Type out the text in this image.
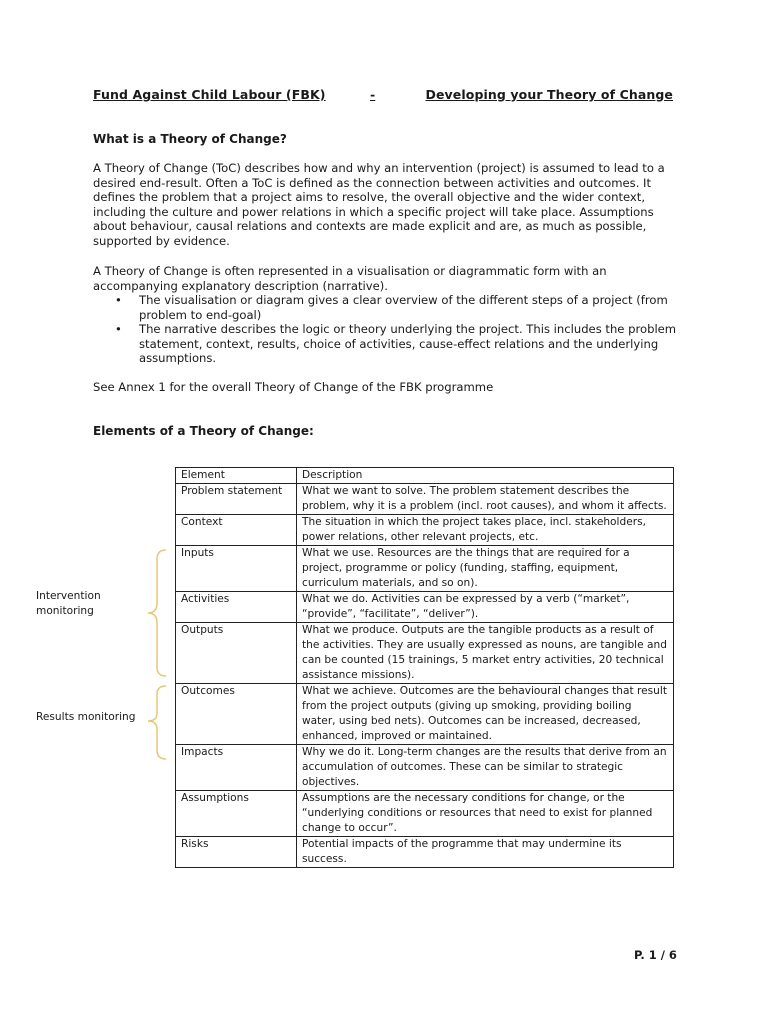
Fund Against Child Labour (FBK)	-	Developing your Theory of Change
What is a Theory of Change?
A Theory of Change (ToC) describes how and why an intervention (project) is assumed to lead to a desired end-result. Often a ToC is defined as the connection between activities and outcomes. It defines the problem that a project aims to resolve, the overall objective and the wider context, including the culture and power relations in which a specific project will take place. Assumptions about behaviour, causal relations and contexts are made explicit and are, as much as possible, supported by evidence.
A Theory of Change is often represented in a visualisation or diagrammatic form with an accompanying explanatory description (narrative).
• The visualisation or diagram gives a clear overview of the different steps of a project (from problem to end-goal)
• The narrative describes the logic or theory underlying the project. This includes the problem statement, context, results, choice of activities, cause-effect relations and the underlying assumptions.
See Annex 1 for the overall Theory of Change of the FBK programme
Elements of a Theory of Change:
Element	Description
Problem statement	What we want to solve. The problem statement describes the problem, why it is a problem (incl. root causes), and whom it affects.
Context	The situation in which the project takes place, incl. stakeholders, power relations, other relevant projects, etc.
Inputs	What we use. Resources are the things that are required for a project, programme or policy (funding, staffing, equipment, curriculum materials, and so on).
Activities	What we do. Activities can be expressed by a verb (“market”, “provide”, “facilitate”, “deliver”).
Outputs	What we produce. Outputs are the tangible products as a result of the activities. They are usually expressed as nouns, are tangible and can be counted (15 trainings, 5 market entry activities, 20 technical assistance missions).
Outcomes	What we achieve. Outcomes are the behavioural changes that result from the project outputs (giving up smoking, providing boiling water, using bed nets). Outcomes can be increased, decreased, enhanced, improved or maintained.
Impacts	Why we do it. Long-term changes are the results that derive from an accumulation of outcomes. These can be similar to strategic objectives.
Assumptions	Assumptions are the necessary conditions for change, or the “underlying conditions or resources that need to exist for planned change to occur”.
Risks	Potential impacts of the programme that may undermine its success.
Intervention
monitoring
Results monitoring
P. 1 / 6
